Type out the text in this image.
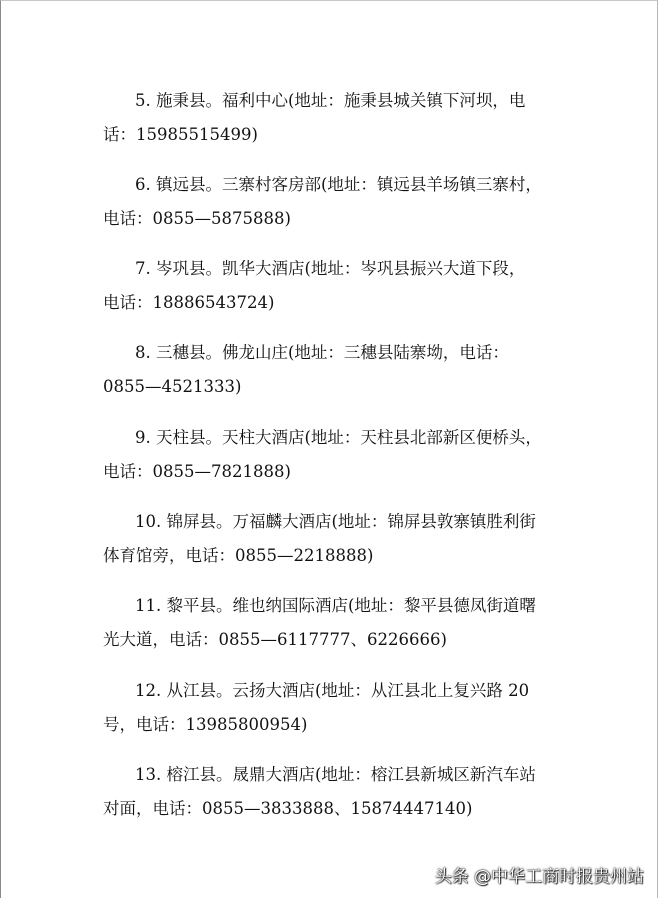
5. 施秉县。福利中心(地址：施秉县城关镇下河坝，电
话：15985515499)
6. 镇远县。三寨村客房部(地址：镇远县羊场镇三寨村，
电话：0855—5875888)
7. 岑巩县。凯华大酒店(地址：岑巩县振兴大道下段，
电话：18886543724)
8. 三穗县。佛龙山庄(地址：三穗县陆寨坳，电话：
0855—4521333)
9. 天柱县。天柱大酒店(地址：天柱县北部新区便桥头，
电话：0855—7821888)
10. 锦屏县。万福麟大酒店(地址：锦屏县敦寨镇胜利街
体育馆旁，电话：0855—2218888)
11. 黎平县。维也纳国际酒店(地址：黎平县德凤街道曙
光大道，电话：0855—6117777、6226666)
12. 从江县。云扬大酒店(地址：从江县北上复兴路 20
号，电话：13985800954)
13. 榕江县。晟鼎大酒店(地址：榕江县新城区新汽车站
对面，电话：0855—3833888、15874447140)
头条 @中华工商时报贵州站
